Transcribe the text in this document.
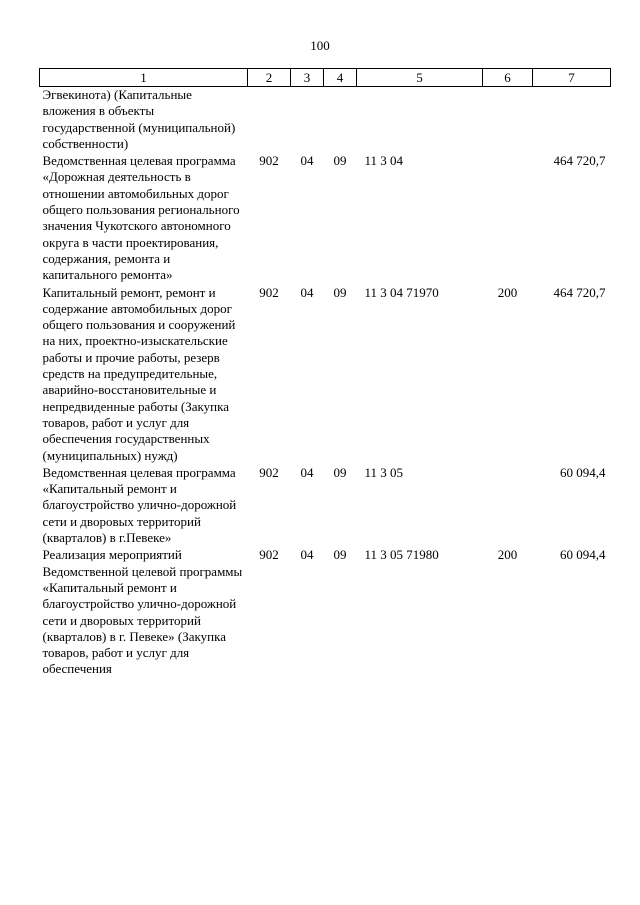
100
1	2	3	4	5	6	7
Эгвекинота) (Капитальные вложения в объекты государственной (муниципальной) собственности)						
Ведомственная целевая программа «Дорожная деятельность в отношении автомобильных дорог общего пользования регионального значения Чукотского автономного округа в части проектирования, содержания, ремонта и капитального ремонта»	902	04	09	11 3 04		464 720,7
Капитальный ремонт, ремонт и содержание автомобильных дорог общего пользования и сооружений на них, проектно-изыскательские работы и прочие работы, резерв средств на предупредительные, аварийно-восстановительные и непредвиденные работы (Закупка товаров, работ и услуг для обеспечения государственных (муниципальных) нужд)	902	04	09	11 3 04 71970	200	464 720,7
Ведомственная целевая программа «Капитальный ремонт и благоустройство улично-дорожной сети и дворовых территорий (кварталов) в г.Певеке»	902	04	09	11 3 05		60 094,4
Реализация мероприятий Ведомственной целевой программы «Капитальный ремонт и благоустройство улично-дорожной сети и дворовых территорий (кварталов) в г. Певеке» (Закупка товаров, работ и услуг для обеспечения	902	04	09	11 3 05 71980	200	60 094,4
